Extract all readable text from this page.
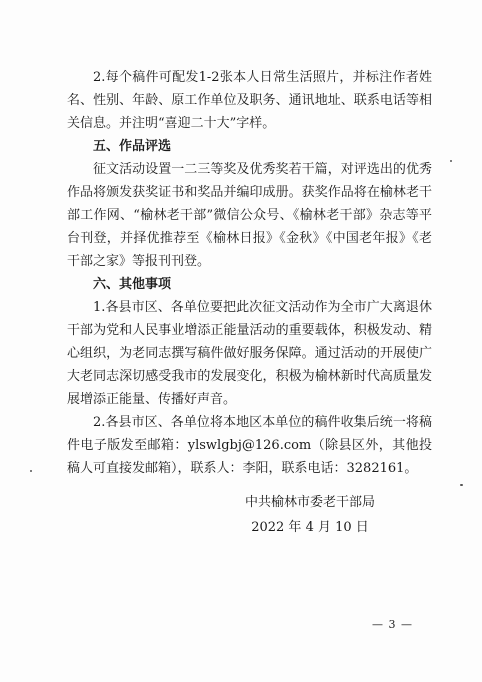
2.每个稿件可配发1-2张本人日常生活照片，并标注作者姓名、性别、年龄、原工作单位及职务、通讯地址、联系电话等相关信息。并注明“喜迎二十大”字样。

五、作品评选

征文活动设置一二三等奖及优秀奖若干篇，对评选出的优秀作品将颁发获奖证书和奖品并编印成册。获奖作品将在榆林老干部工作网、“榆林老干部”微信公众号、《榆林老干部》杂志等平台刊登，并择优推荐至《榆林日报》《金秋》《中国老年报》《老干部之家》等报刊刊登。

六、其他事项

1.各县市区、各单位要把此次征文活动作为全市广大离退休干部为党和人民事业增添正能量活动的重要载体，积极发动、精心组织，为老同志撰写稿件做好服务保障。通过活动的开展使广大老同志深切感受我市的发展变化，积极为榆林新时代高质量发展增添正能量、传播好声音。

2.各县市区、各单位将本地区本单位的稿件收集后统一将稿件电子版发至邮箱：ylswlgbj@126.com（除县区外，其他投稿人可直接发邮箱），联系人：李阳，联系电话：3282161。

中共榆林市委老干部局
2022 年 4 月 10 日
— 3 —
